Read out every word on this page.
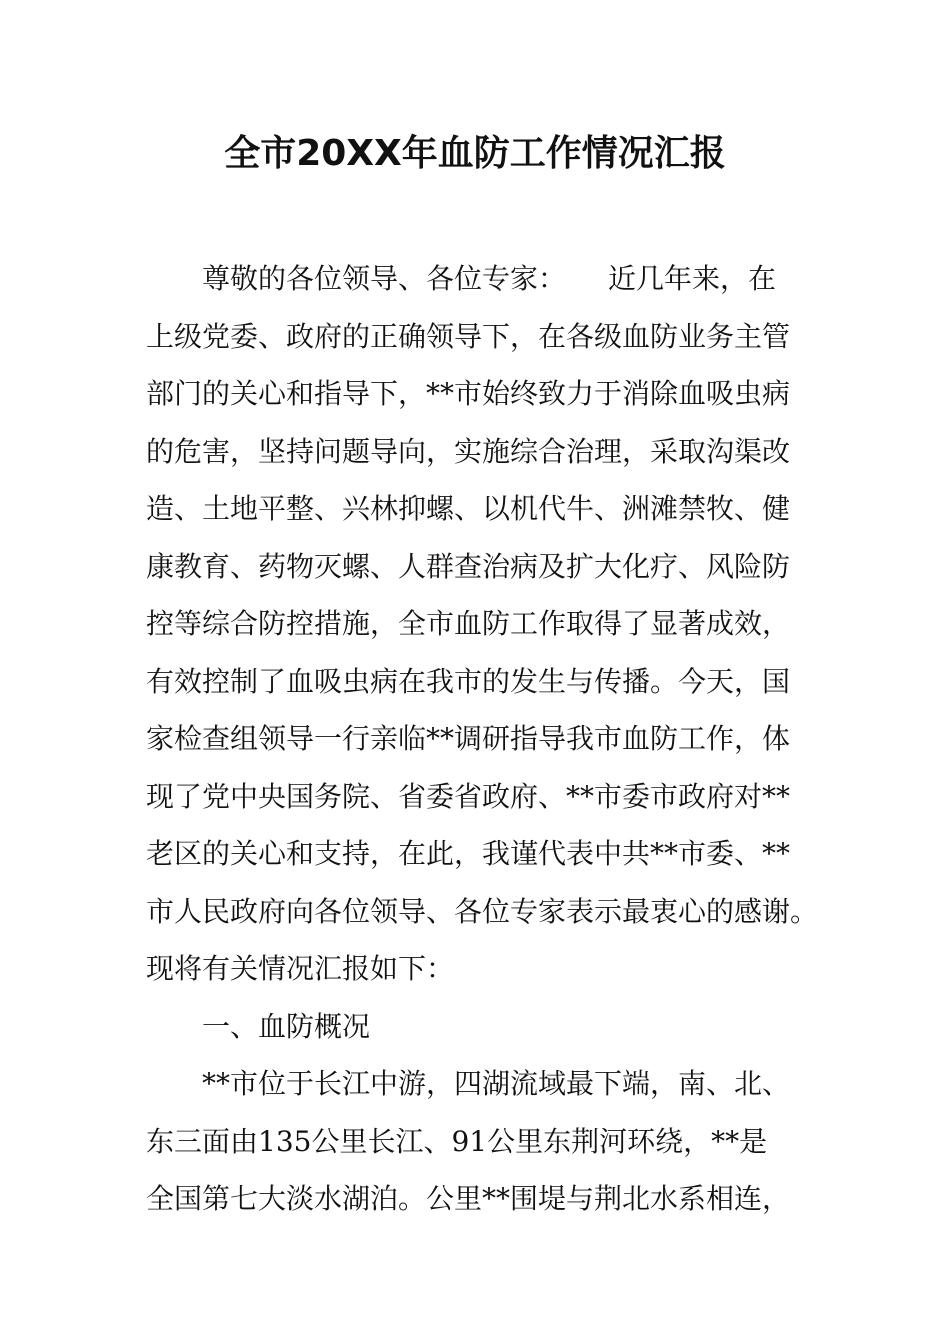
全市20XX年血防工作情况汇报
　　尊敬的各位领导、各位专家：　　近几年来，在
上级党委、政府的正确领导下，在各级血防业务主管
部门的关心和指导下，**市始终致力于消除血吸虫病
的危害，坚持问题导向，实施综合治理，采取沟渠改
造、土地平整、兴林抑螺、以机代牛、洲滩禁牧、健
康教育、药物灭螺、人群查治病及扩大化疗、风险防
控等综合防控措施，全市血防工作取得了显著成效，
有效控制了血吸虫病在我市的发生与传播。今天，国
家检查组领导一行亲临**调研指导我市血防工作，体
现了党中央国务院、省委省政府、**市委市政府对**
老区的关心和支持，在此，我谨代表中共**市委、**
市人民政府向各位领导、各位专家表示最衷心的感谢。
现将有关情况汇报如下：
　　一、血防概况
　　**市位于长江中游，四湖流域最下端，南、北、
东三面由135公里长江、91公里东荆河环绕，**是
全国第七大淡水湖泊。公里**围堤与荆北水系相连，
